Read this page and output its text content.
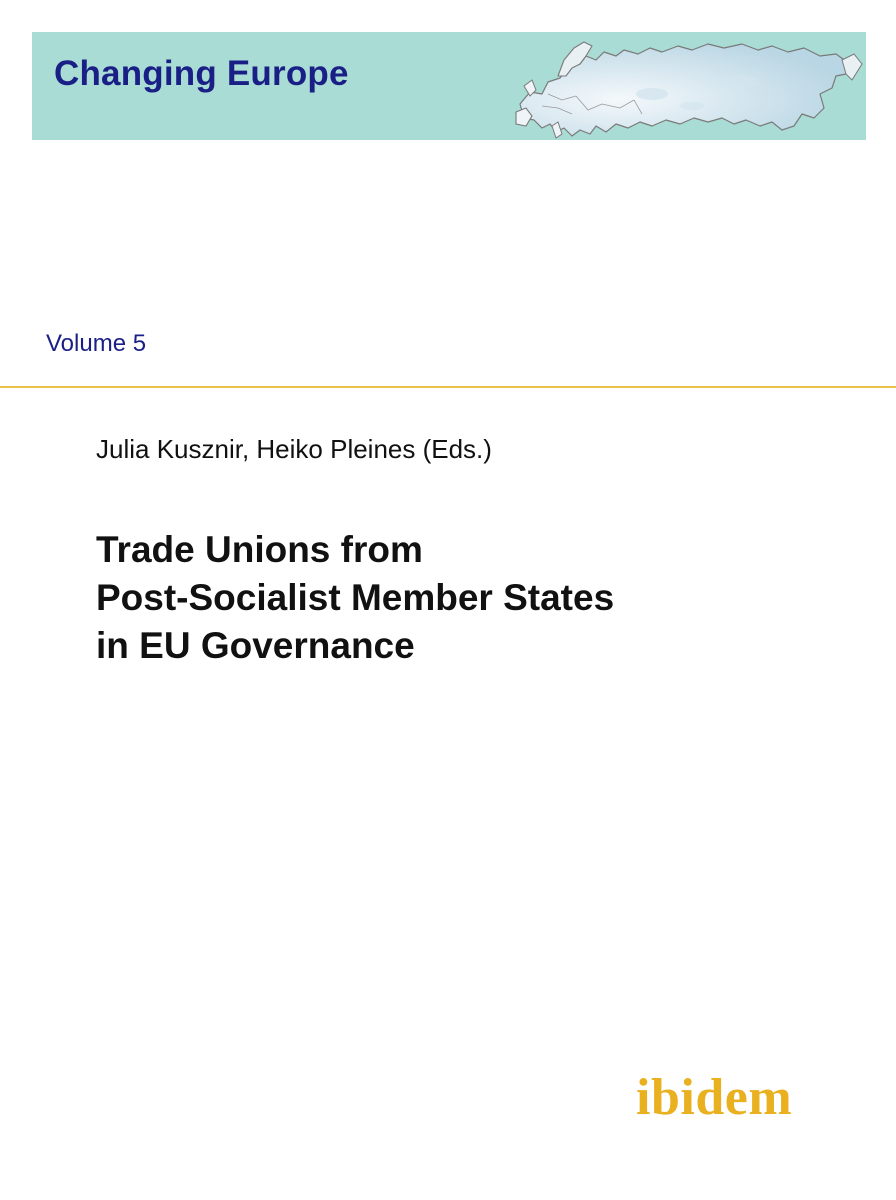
Changing Europe

Volume 5

Julia Kusznir, Heiko Pleines (Eds.)

Trade Unions from
Post-Socialist Member States
in EU Governance

ibidem
